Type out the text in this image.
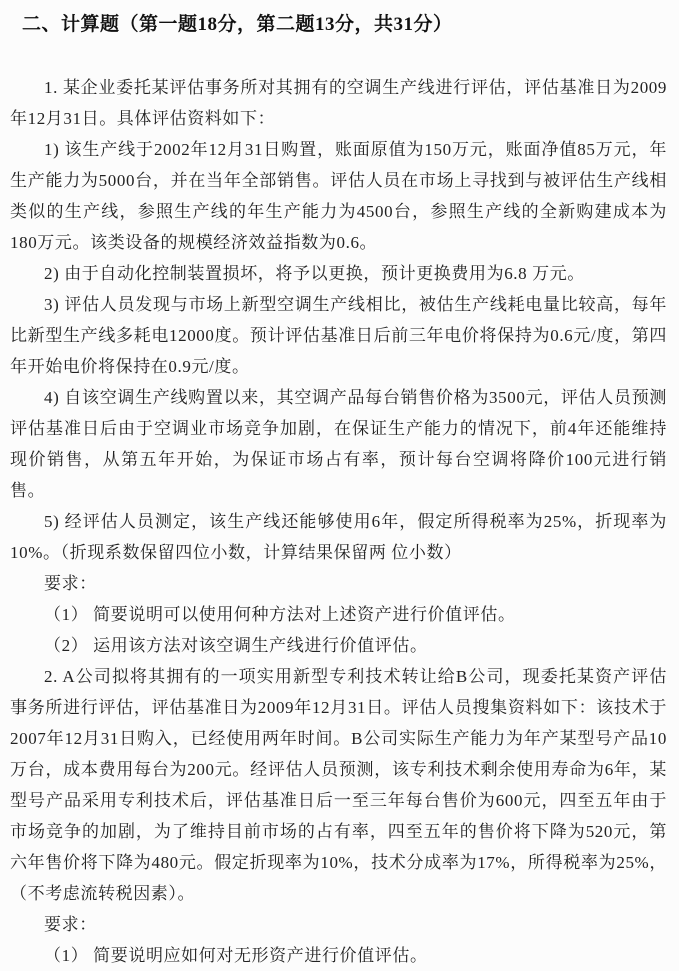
二、计算题（第一题18分，第二题13分，共31分）

1. 某企业委托某评估事务所对其拥有的空调生产线进行评估，评估基准日为2009年12月31日。具体评估资料如下：

1) 该生产线于2002年12月31日购置，账面原值为150万元，账面净值85万元，年生产能力为5000台，并在当年全部销售。评估人员在市场上寻找到与被评估生产线相类似的生产线，参照生产线的年生产能力为4500台，参照生产线的全新购建成本为180万元。该类设备的规模经济效益指数为0.6。

2) 由于自动化控制装置损坏，将予以更换，预计更换费用为6.8 万元。

3) 评估人员发现与市场上新型空调生产线相比，被估生产线耗电量比较高，每年比新型生产线多耗电12000度。预计评估基准日后前三年电价将保持为0.6元/度，第四年开始电价将保持在0.9元/度。

4) 自该空调生产线购置以来，其空调产品每台销售价格为3500元，评估人员预测评估基准日后由于空调业市场竞争加剧，在保证生产能力的情况下，前4年还能维持现价销售，从第五年开始，为保证市场占有率，预计每台空调将降价100元进行销售。

5) 经评估人员测定，该生产线还能够使用6年，假定所得税率为25%，折现率为10%。（折现系数保留四位小数，计算结果保留两 位小数）

要求：

（1） 简要说明可以使用何种方法对上述资产进行价值评估。

（2） 运用该方法对该空调生产线进行价值评估。

2. A公司拟将其拥有的一项实用新型专利技术转让给B公司，现委托某资产评估事务所进行评估，评估基准日为2009年12月31日。评估人员搜集资料如下：该技术于2007年12月31日购入，已经使用两年时间。B公司实际生产能力为年产某型号产品10万台，成本费用每台为200元。经评估人员预测，该专利技术剩余使用寿命为6年，某型号产品采用专利技术后，评估基准日后一至三年每台售价为600元，四至五年由于市场竞争的加剧，为了维持目前市场的占有率，四至五年的售价将下降为520元，第六年售价将下降为480元。假定折现率为10%，技术分成率为17%，所得税率为25%，（不考虑流转税因素）。

要求：

（1） 简要说明应如何对无形资产进行价值评估。
